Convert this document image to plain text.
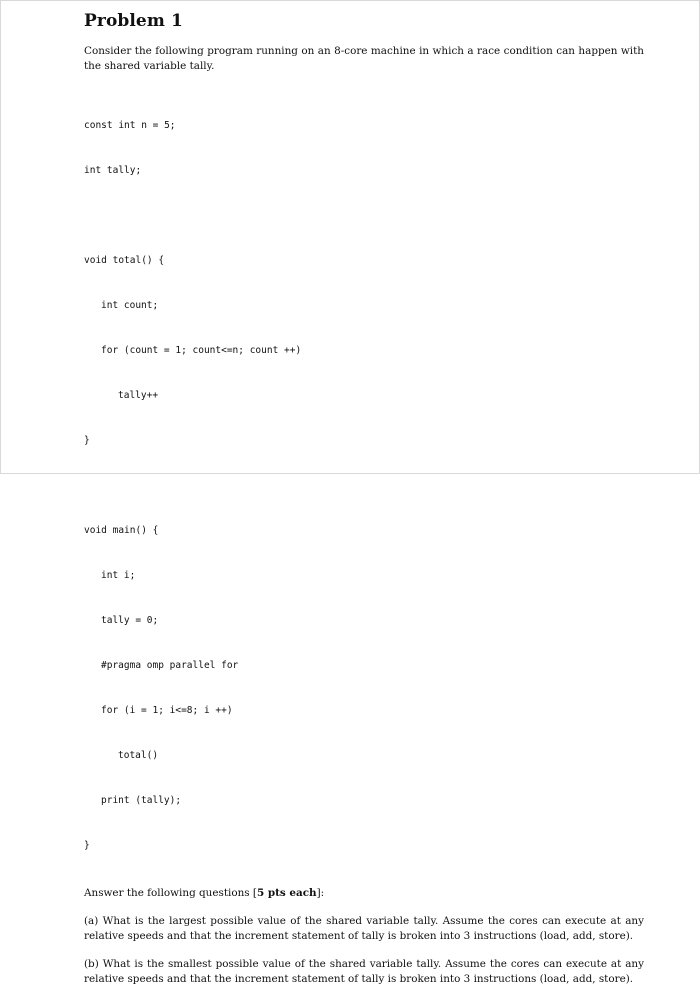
Problem 1

Consider the following program running on an 8-core machine in which a race condition can happen with the shared variable tally.

const int n = 5;

int tally;

void total() {

int count;

for (count = 1; count<=n; count ++)

tally++

}

void main() {

int i;

tally = 0;

#pragma omp parallel for

for (i = 1; i<=8; i ++)

total()

print (tally);

}

Answer the following questions [5 pts each]:

(a) What is the largest possible value of the shared variable tally. Assume the cores can execute at any relative speeds and that the increment statement of tally is broken into 3 instructions (load, add, store).

(b) What is the smallest possible value of the shared variable tally. Assume the cores can execute at any relative speeds and that the increment statement of tally is broken into 3 instructions (load, add, store).
